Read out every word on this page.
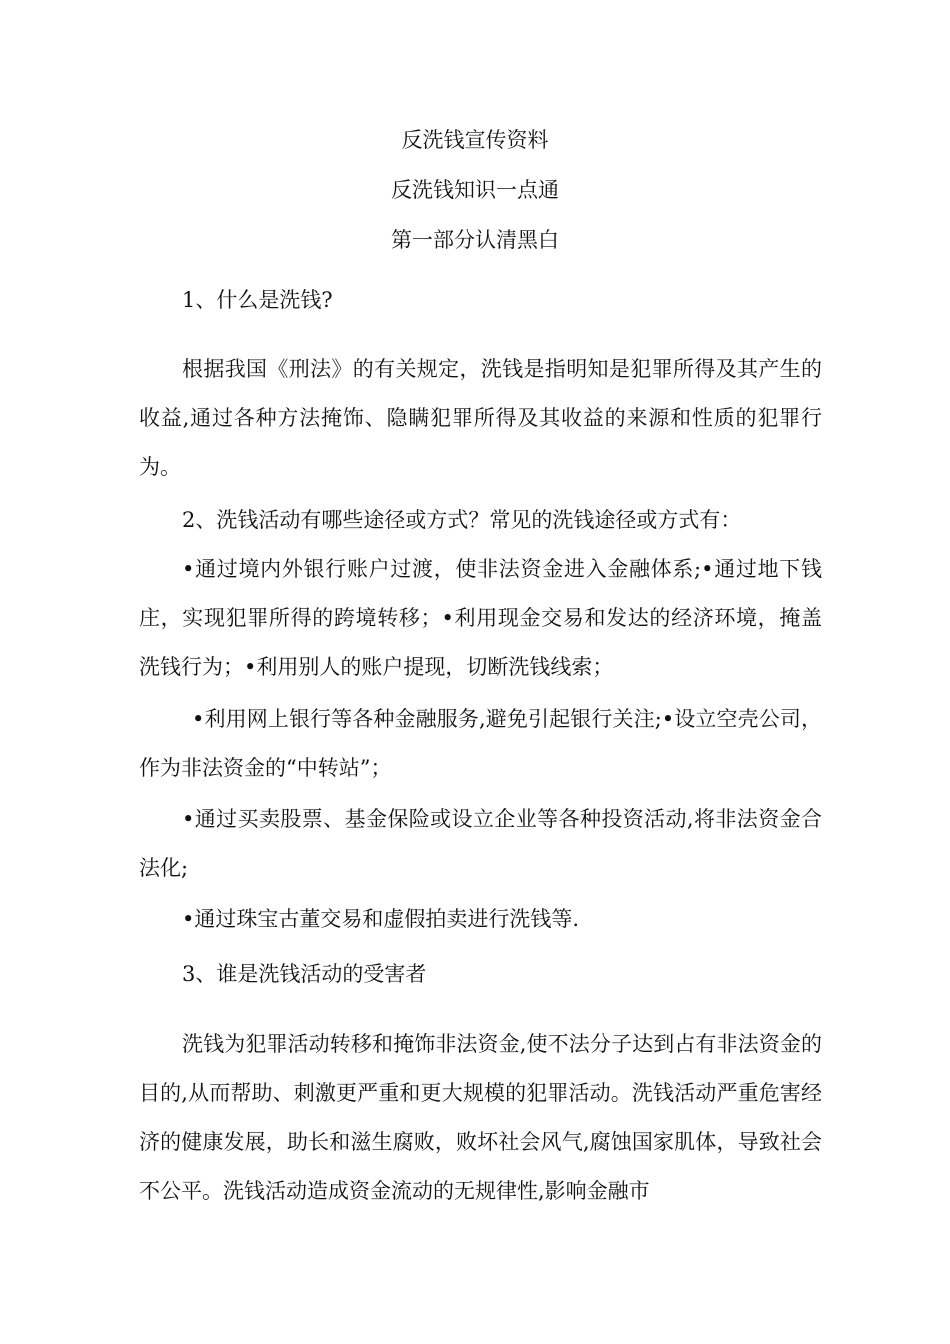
反洗钱宣传资料
反洗钱知识一点通
第一部分认清黑白

1、什么是洗钱?

根据我国《刑法》的有关规定，洗钱是指明知是犯罪所得及其产生的收益,通过各种方法掩饰、隐瞒犯罪所得及其收益的来源和性质的犯罪行为。

2、洗钱活动有哪些途径或方式？常见的洗钱途径或方式有：

•通过境内外银行账户过渡，使非法资金进入金融体系;•通过地下钱庄，实现犯罪所得的跨境转移；•利用现金交易和发达的经济环境，掩盖洗钱行为；•利用别人的账户提现，切断洗钱线索；

•利用网上银行等各种金融服务,避免引起银行关注;•设立空壳公司，作为非法资金的“中转站”；

•通过买卖股票、基金保险或设立企业等各种投资活动,将非法资金合法化;

•通过珠宝古董交易和虚假拍卖进行洗钱等.

3、谁是洗钱活动的受害者

洗钱为犯罪活动转移和掩饰非法资金,使不法分子达到占有非法资金的目的,从而帮助、刺激更严重和更大规模的犯罪活动。洗钱活动严重危害经济的健康发展，助长和滋生腐败，败坏社会风气,腐蚀国家肌体，导致社会不公平。洗钱活动造成资金流动的无规律性,影响金融市
